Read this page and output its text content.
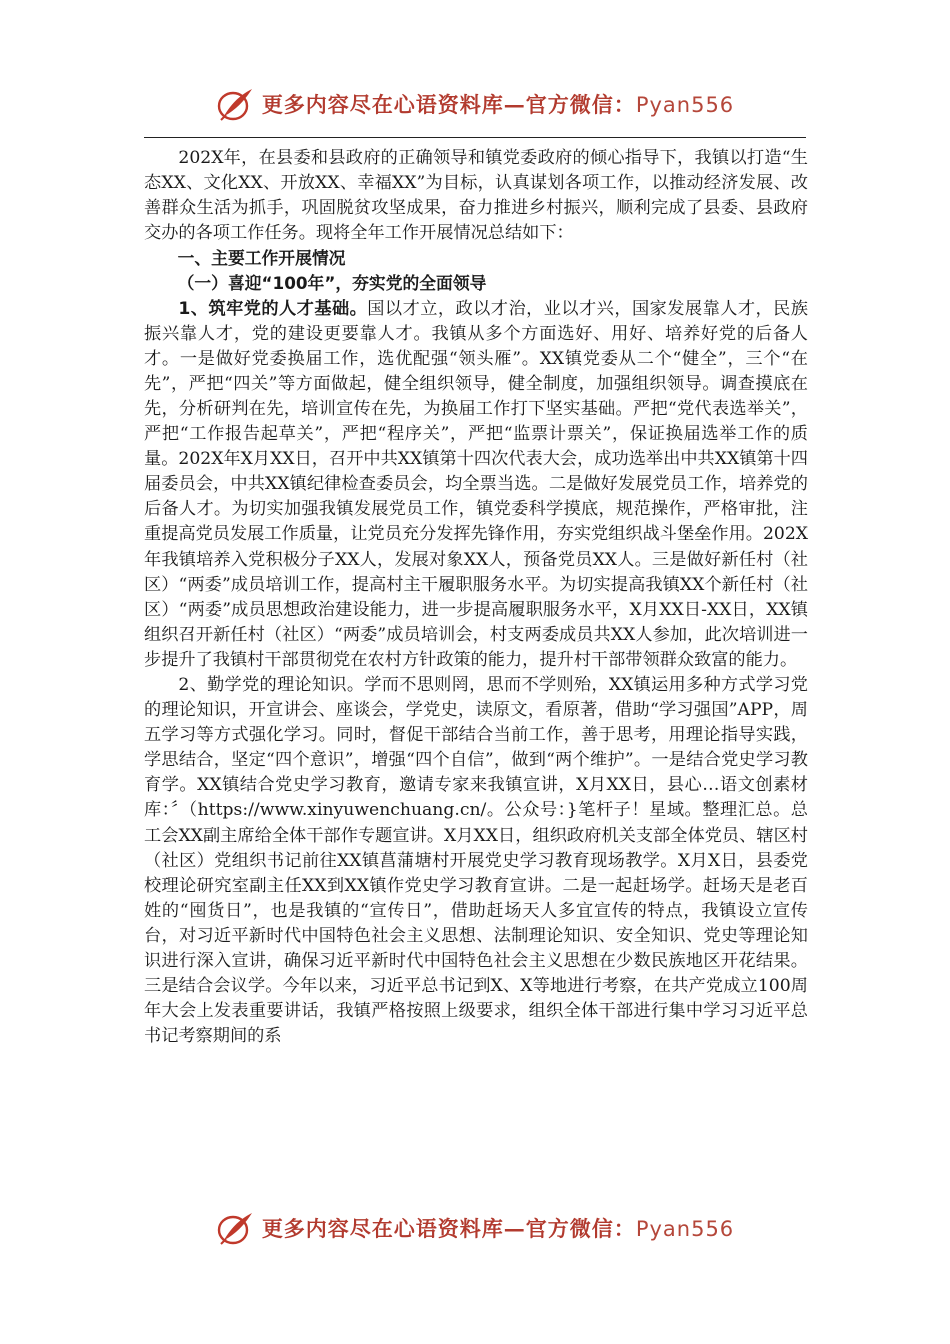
更多内容尽在心语资料库—官方微信：Pyan556

202X年，在县委和县政府的正确领导和镇党委政府的倾心指导下，我镇以打造“生态XX、文化XX、开放XX、幸福XX”为目标，认真谋划各项工作，以推动经济发展、改善群众生活为抓手，巩固脱贫攻坚成果，奋力推进乡村振兴，顺利完成了县委、县政府交办的各项工作任务。现将全年工作开展情况总结如下：

一、主要工作开展情况

（一）喜迎“100年”，夯实党的全面领导

1、筑牢党的人才基础。国以才立，政以才治，业以才兴，国家发展靠人才，民族振兴靠人才，党的建设更要靠人才。我镇从多个方面选好、用好、培养好党的后备人才。一是做好党委换届工作，选优配强“领头雁”。XX镇党委从二个“健全”，三个“在先”，严把“四关”等方面做起，健全组织领导，健全制度，加强组织领导。调查摸底在先，分析研判在先，培训宣传在先，为换届工作打下坚实基础。严把“党代表选举关”，严把“工作报告起草关”，严把“程序关”，严把“监票计票关”，保证换届选举工作的质量。202X年X月XX日，召开中共XX镇第十四次代表大会，成功选举出中共XX镇第十四届委员会，中共XX镇纪律检查委员会，均全票当选。二是做好发展党员工作，培养党的后备人才。为切实加强我镇发展党员工作，镇党委科学摸底，规范操作，严格审批，注重提高党员发展工作质量，让党员充分发挥先锋作用，夯实党组织战斗堡垒作用。202X年我镇培养入党积极分子XX人，发展对象XX人，预备党员XX人。三是做好新任村（社区）“两委”成员培训工作，提高村主干履职服务水平。为切实提高我镇XX个新任村（社区）“两委”成员思想政治建设能力，进一步提高履职服务水平，X月XX日-XX日，XX镇组织召开新任村（社区）“两委”成员培训会，村支两委成员共XX人参加，此次培训进一步提升了我镇村干部贯彻党在农村方针政策的能力，提升村干部带领群众致富的能力。

2、勤学党的理论知识。学而不思则罔，思而不学则殆，XX镇运用多种方式学习党的理论知识，开宣讲会、座谈会，学党史，读原文，看原著，借助“学习强国”APP，周五学习等方式强化学习。同时，督促干部结合当前工作，善于思考，用理论指导实践，学思结合，坚定“四个意识”，增强“四个自信”，做到“两个维护”。一是结合党史学习教育学。XX镇结合党史学习教育，邀请专家来我镇宣讲，X月XX日，县心…语文创素材库：〞（https://www.xinyuwenchuang.cn/。公众号：}笔杆子！星域。整理汇总。总工会XX副主席给全体干部作专题宣讲。X月XX日，组织政府机关支部全体党员、辖区村（社区）党组织书记前往XX镇菖蒲塘村开展党史学习教育现场教学。X月X日，县委党校理论研究室副主任XX到XX镇作党史学习教育宣讲。二是一起赶场学。赶场天是老百姓的“囤货日”，也是我镇的“宣传日”，借助赶场天人多宜宣传的特点，我镇设立宣传台，对习近平新时代中国特色社会主义思想、法制理论知识、安全知识、党史等理论知识进行深入宣讲，确保习近平新时代中国特色社会主义思想在少数民族地区开花结果。三是结合会议学。今年以来，习近平总书记到X、X等地进行考察，在共产党成立100周年大会上发表重要讲话，我镇严格按照上级要求，组织全体干部进行集中学习习近平总书记考察期间的系

更多内容尽在心语资料库—官方微信：Pyan556
